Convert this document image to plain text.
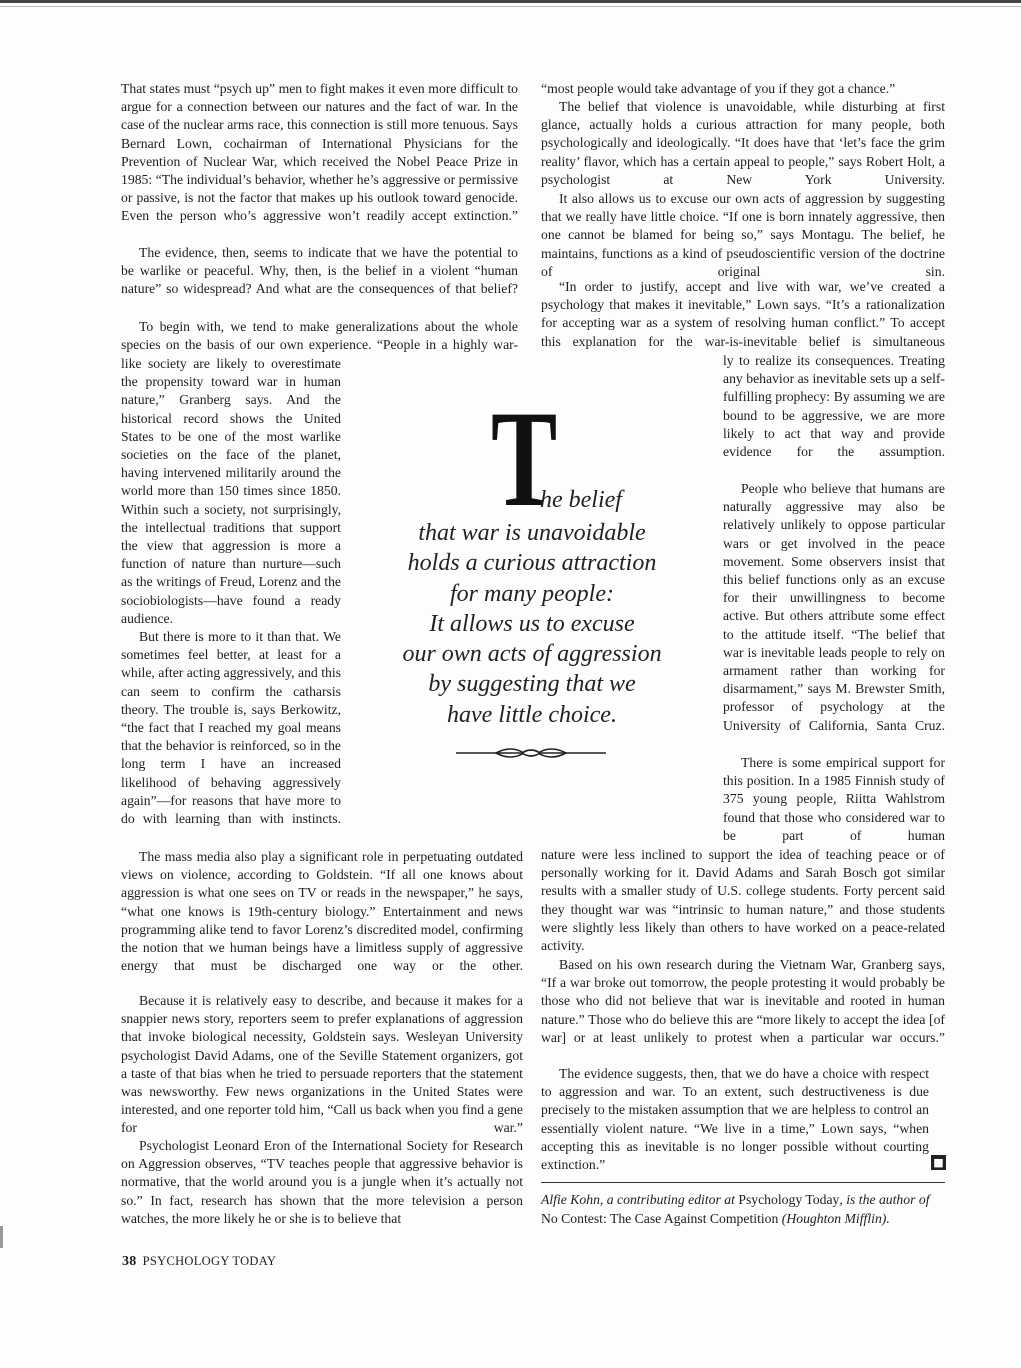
That states must “psych up” men to fight makes it even more difficult to argue for a connection between our natures and the fact of war. In the case of the nuclear arms race, this connection is still more tenuous. Says Bernard Lown, cochairman of International Physicians for the Prevention of Nuclear War, which received the Nobel Peace Prize in 1985: “The individual’s behavior, whether he’s aggressive or permissive or passive, is not the factor that makes up his outlook toward genocide. Even the person who’s aggressive won’t readily accept extinction.”

The evidence, then, seems to indicate that we have the potential to be warlike or peaceful. Why, then, is the belief in a violent “human nature” so widespread? And what are the consequences of that belief?

To begin with, we tend to make generalizations about the whole species on the basis of our own experience. “People in a highly war-

like society are likely to overestimate the propensity toward war in human nature,” Granberg says. And the historical record shows the United States to be one of the most warlike societies on the face of the planet, having intervened militarily around the world more than 150 times since 1850. Within such a society, not surprisingly, the intellectual traditions that support the view that aggression is more a function of nature than nurture—such as the writings of Freud, Lorenz and the sociobiologists—have found a ready audience.

But there is more to it than that. We sometimes feel better, at least for a while, after acting aggressively, and this can seem to confirm the catharsis theory. The trouble is, says Berkowitz, “the fact that I reached my goal means that the behavior is reinforced, so in the long term I have an increased likelihood of behaving aggressively again”—for reasons that have more to do with learning than with instincts.

The mass media also play a significant role in perpetuating outdated views on violence, according to Goldstein. “If all one knows about aggression is what one sees on TV or reads in the newspaper,” he says, “what one knows is 19th-century biology.” Entertainment and news programming alike tend to favor Lorenz’s discredited model, confirming the notion that we human beings have a limitless supply of aggressive energy that must be discharged one way or the other.

Because it is relatively easy to describe, and because it makes for a snappier news story, reporters seem to prefer explanations of aggression that invoke biological necessity, Goldstein says. Wesleyan University psychologist David Adams, one of the Seville Statement organizers, got a taste of that bias when he tried to persuade reporters that the statement was newsworthy. Few news organizations in the United States were interested, and one reporter told him, “Call us back when you find a gene for war.”

Psychologist Leonard Eron of the International Society for Research on Aggression observes, “TV teaches people that aggressive behavior is normative, that the world around you is a jungle when it’s actually not so.” In fact, research has shown that the more television a person watches, the more likely he or she is to believe that

“most people would take advantage of you if they got a chance.”

The belief that violence is unavoidable, while disturbing at first glance, actually holds a curious attraction for many people, both psychologically and ideologically. “It does have that ‘let’s face the grim reality’ flavor, which has a certain appeal to people,” says Robert Holt, a psychologist at New York University.

It also allows us to excuse our own acts of aggression by suggesting that we really have little choice. “If one is born innately aggressive, then one cannot be blamed for being so,” says Montagu. The belief, he maintains, functions as a kind of pseudoscientific version of the doctrine of original sin.

“In order to justify, accept and live with war, we’ve created a psychology that makes it inevitable,” Lown says. “It’s a rationalization for accepting war as a system of resolving human conflict.” To accept this explanation for the war-is-inevitable belief is simultaneous

ly to realize its consequences. Treating any behavior as inevitable sets up a self-fulfilling prophecy: By assuming we are bound to be aggressive, we are more likely to act that way and provide evidence for the assumption.

People who believe that humans are naturally aggressive may also be relatively unlikely to oppose particular wars or get involved in the peace movement. Some observers insist that this belief functions only as an excuse for their unwillingness to become active. But others attribute some effect to the attitude itself. “The belief that war is inevitable leads people to rely on armament rather than working for disarmament,” says M. Brewster Smith, professor of psychology at the University of California, Santa Cruz.

There is some empirical support for this position. In a 1985 Finnish study of 375 young people, Riitta Wahlstrom found that those who considered war to be part of human

nature were less inclined to support the idea of teaching peace or of personally working for it. David Adams and Sarah Bosch got similar results with a smaller study of U.S. college students. Forty percent said they thought war was “intrinsic to human nature,” and those students were slightly less likely than others to have worked on a peace-related activity.

Based on his own research during the Vietnam War, Granberg says, “If a war broke out tomorrow, the people protesting it would probably be those who did not believe that war is inevitable and rooted in human nature.” Those who do believe this are “more likely to accept the idea [of war] or at least unlikely to protest when a particular war occurs.”

The evidence suggests, then, that we do have a choice with respect to aggression and war. To an extent, such destructiveness is due precisely to the mistaken assumption that we are helpless to control an essentially violent nature. “We live in a time,” Lown says, “when accepting this as inevitable is no longer possible without courting extinction.”	■
T
he belief
that war is unavoidable
holds a curious attraction
for many people:
It allows us to excuse
our own acts of aggression
by suggesting that we
have little choice.

Alfie Kohn, a contributing editor at Psychology Today, is the author of No Contest: The Case Against Competition (Houghton Mifflin).

38 PSYCHOLOGY TODAY
